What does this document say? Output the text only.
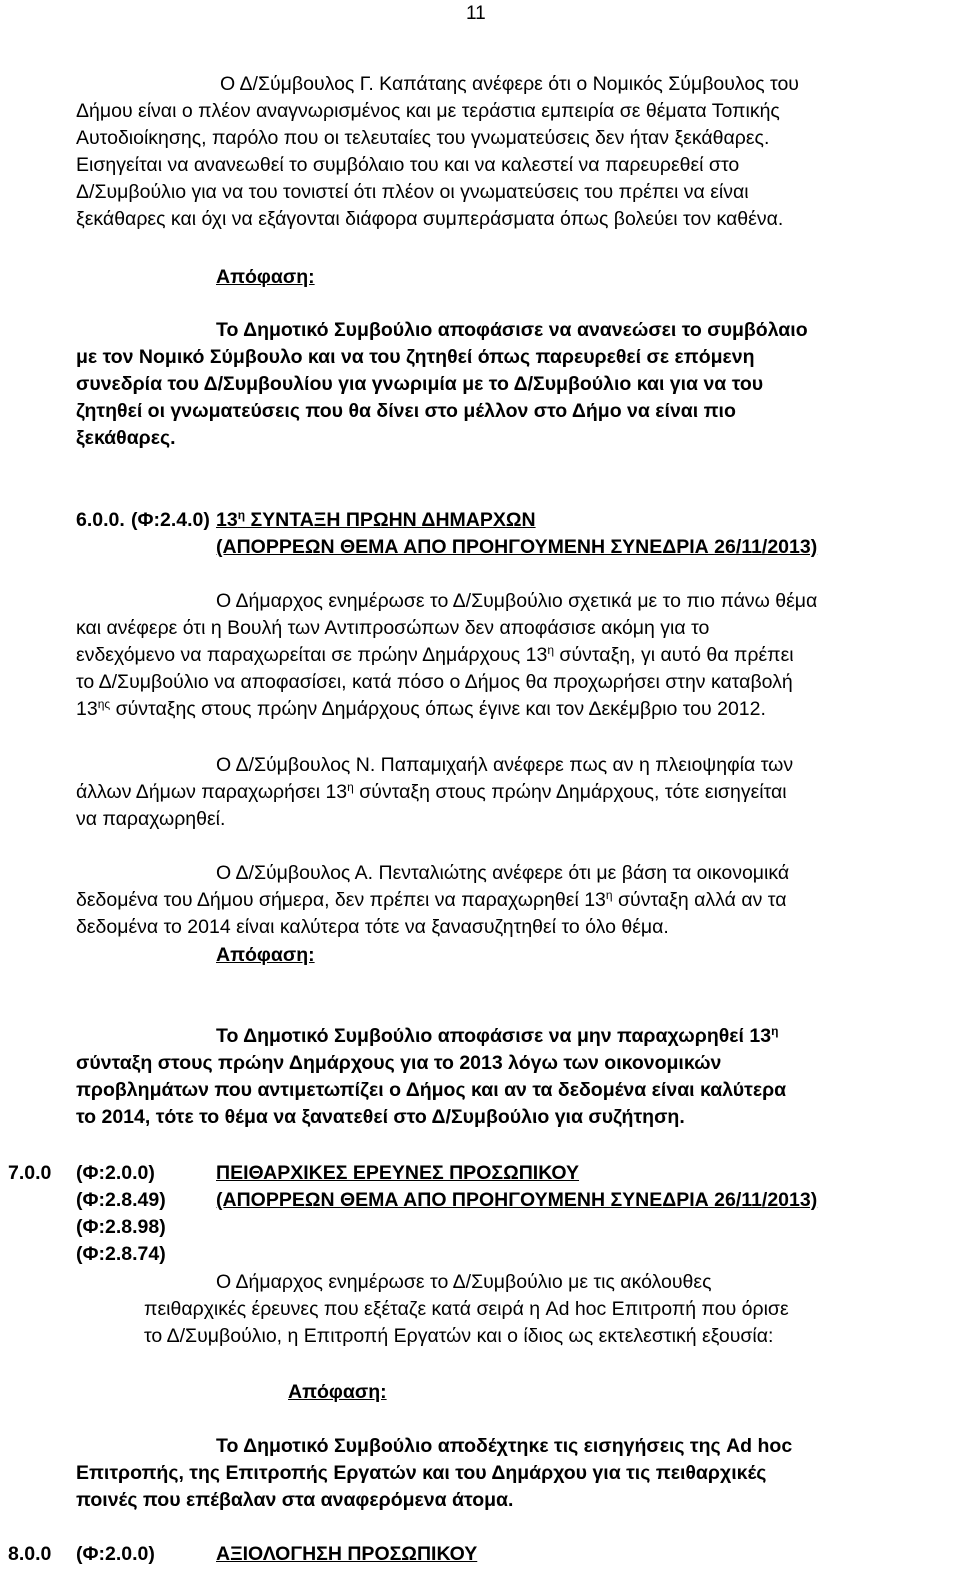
11
Ο Δ/Σύμβουλος Γ. Καπάταης ανέφερε ότι ο Νομικός Σύμβουλος του
Δήμου είναι ο πλέον αναγνωρισμένος και με τεράστια εμπειρία σε θέματα Τοπικής
Αυτοδιοίκησης, παρόλο που οι τελευταίες του γνωματεύσεις δεν ήταν ξεκάθαρες.
Εισηγείται να ανανεωθεί το συμβόλαιο του και να καλεστεί να παρευρεθεί στο
Δ/Συμβούλιο για να του τονιστεί ότι πλέον οι γνωματεύσεις του πρέπει να είναι
ξεκάθαρες και όχι να εξάγονται διάφορα συμπεράσματα όπως βολεύει τον καθένα.
Απόφαση:
Το Δημοτικό Συμβούλιο αποφάσισε να ανανεώσει το συμβόλαιο
με τον Νομικό Σύμβουλο και να του ζητηθεί όπως παρευρεθεί σε επόμενη
συνεδρία του Δ/Συμβουλίου για γνωριμία με το Δ/Συμβούλιο και για να του
ζητηθεί οι γνωματεύσεις που θα δίνει στο μέλλον στο Δήμο να είναι πιο
ξεκάθαρες.
6.0.0. (Φ:2.4.0) $13^\eta$ ΣΥΝΤΑΞΗ ΠΡΩΗΝ ΔΗΜΑΡΧΩΝ
(ΑΠΟΡΡΕΩΝ ΘΕΜΑ ΑΠΟ ΠΡΟΗΓΟΥΜΕΝΗ ΣΥΝΕΔΡΙΑ 26/11/2013)
Ο Δήμαρχος ενημέρωσε το Δ/Συμβούλιο σχετικά με το πιο πάνω θέμα
και ανέφερε ότι η Βουλή των Αντιπροσώπων δεν αποφάσισε ακόμη για το
ενδεχόμενο να παραχωρείται σε πρώην Δημάρχους $13^\eta$ σύνταξη, γι αυτό θα πρέπει
το Δ/Συμβούλιο να αποφασίσει, κατά πόσο ο Δήμος θα προχωρήσει στην καταβολή
$13^{\eta\varsigma}$ σύνταξης στους πρώην Δημάρχους όπως έγινε και τον Δεκέμβριο του 2012.
Ο Δ/Σύμβουλος Ν. Παπαμιχαήλ ανέφερε πως αν η πλειοψηφία των
άλλων Δήμων παραχωρήσει $13^\eta$ σύνταξη στους πρώην Δημάρχους, τότε εισηγείται
να παραχωρηθεί.
Ο Δ/Σύμβουλος Α. Πενταλιώτης ανέφερε ότι με βάση τα οικονομικά
δεδομένα του Δήμου σήμερα, δεν πρέπει να παραχωρηθεί $13^\eta$ σύνταξη αλλά αν τα
δεδομένα το 2014 είναι καλύτερα τότε να ξανασυζητηθεί το όλο θέμα.
Απόφαση:
Το Δημοτικό Συμβούλιο αποφάσισε να μην παραχωρηθεί $13^\eta$
σύνταξη στους πρώην Δημάρχους για το 2013 λόγω των οικονομικών
προβλημάτων που αντιμετωπίζει ο Δήμος και αν τα δεδομένα είναι καλύτερα
το 2014, τότε το θέμα να ξανατεθεί στο Δ/Συμβούλιο για συζήτηση.
7.0.0 (Φ:2.0.0)
(Φ:2.8.49)
(Φ:2.8.98)
(Φ:2.8.74)
ΠΕΙΘΑΡΧΙΚΕΣ ΕΡΕΥΝΕΣ ΠΡΟΣΩΠΙΚΟΥ
(ΑΠΟΡΡΕΩΝ ΘΕΜΑ ΑΠΟ ΠΡΟΗΓΟΥΜΕΝΗ ΣΥΝΕΔΡΙΑ 26/11/2013)
Ο Δήμαρχος ενημέρωσε το Δ/Συμβούλιο με τις ακόλουθες
πειθαρχικές έρευνες που εξέταζε κατά σειρά η Ad hoc Επιτροπή που όρισε
το Δ/Συμβούλιο, η Επιτροπή Εργατών και ο ίδιος ως εκτελεστική εξουσία:
Απόφαση:
Το Δημοτικό Συμβούλιο αποδέχτηκε τις εισηγήσεις της Ad hoc
Επιτροπής, της Επιτροπής Εργατών και του Δημάρχου για τις πειθαρχικές
ποινές που επέβαλαν στα αναφερόμενα άτομα.
8.0.0 (Φ:2.0.0)	ΑΞΙΟΛΟΓΗΣΗ ΠΡΟΣΩΠΙΚΟΥ
